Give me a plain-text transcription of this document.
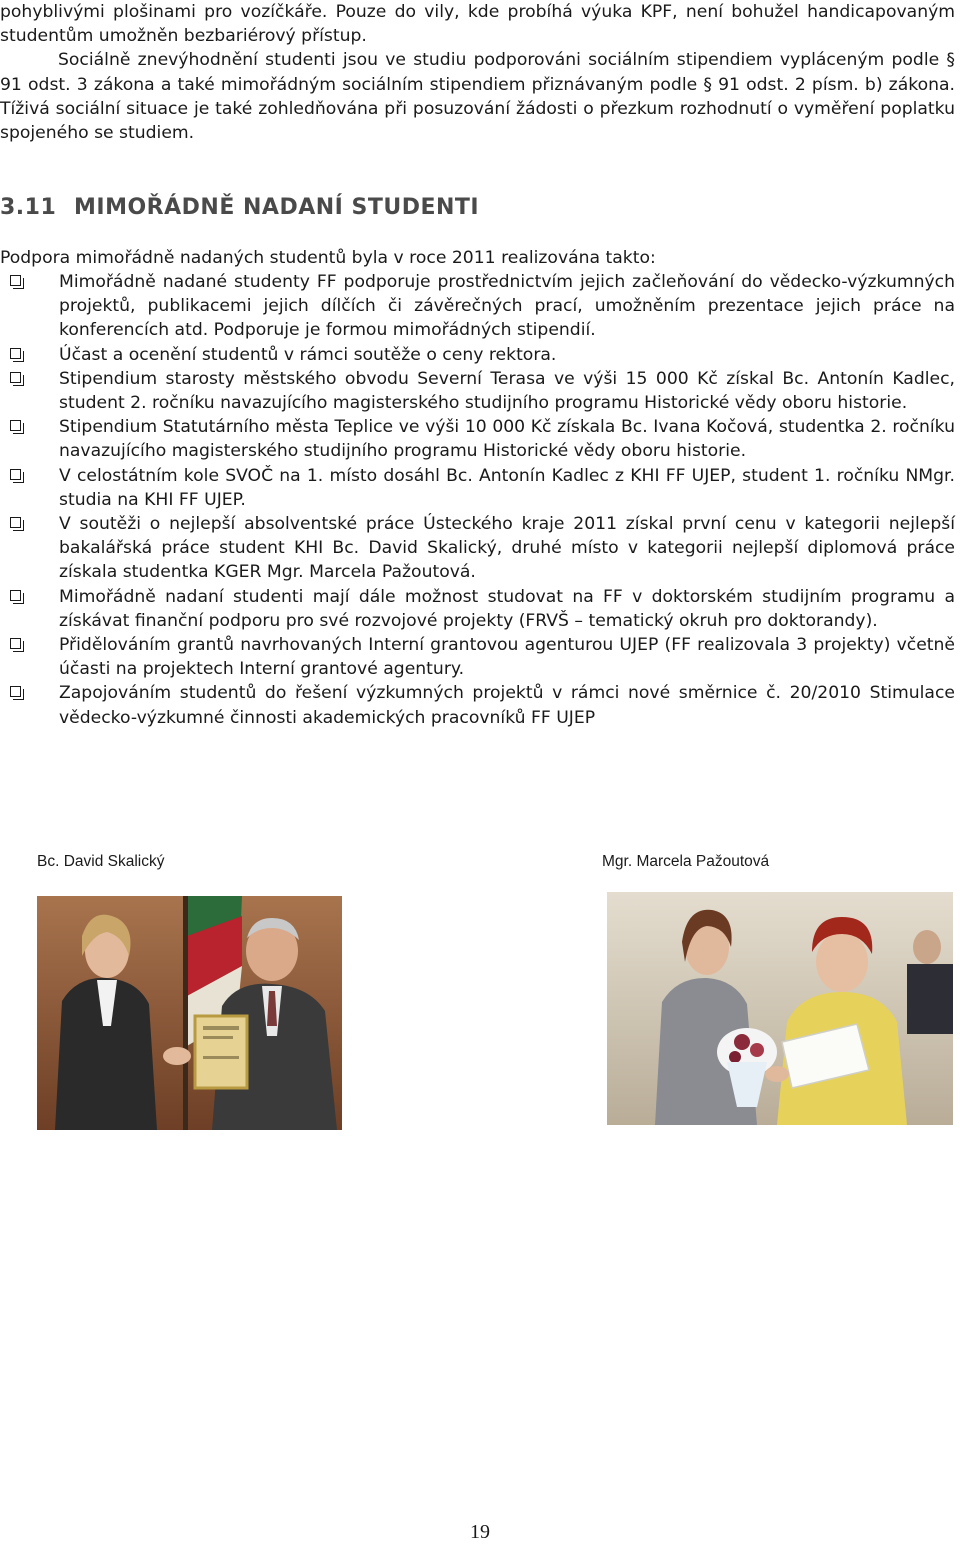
pohyblivými plošinami pro vozíčkáře. Pouze do vily, kde probíhá výuka KPF, není bohužel handicapovaným studentům umožněn bezbariérový přístup.

Sociálně znevýhodnění studenti jsou ve studiu podporováni sociálním stipendiem vypláceným podle § 91 odst. 3 zákona a také mimořádným sociálním stipendiem přiznávaným podle § 91 odst. 2 písm. b) zákona. Tíživá sociální situace je také zohledňována při posuzování žádosti o přezkum rozhodnutí o vyměření poplatku spojeného se studiem.

3.11 MIMOŘÁDNĚ NADANÍ STUDENTI
Podpora mimořádně nadaných studentů byla v roce 2011 realizována takto:
Mimořádně nadané studenty FF podporuje prostřednictvím jejich začleňování do vědecko-výzkumných projektů, publikacemi jejich dílčích či závěrečných prací, umožněním prezentace jejich práce na konferencích atd. Podporuje je formou mimořádných stipendií.
Účast a ocenění studentů v rámci soutěže o ceny rektora.
Stipendium starosty městského obvodu Severní Terasa ve výši 15 000 Kč získal Bc. Antonín Kadlec, student 2. ročníku navazujícího magisterského studijního programu Historické vědy oboru historie.
Stipendium Statutárního města Teplice ve výši 10 000 Kč získala Bc. Ivana Kočová, studentka 2. ročníku navazujícího magisterského studijního programu Historické vědy oboru historie.
V celostátním kole SVOČ na 1. místo dosáhl Bc. Antonín Kadlec z KHI FF UJEP, student 1. ročníku NMgr. studia na KHI FF UJEP.
V soutěži o nejlepší absolventské práce Ústeckého kraje 2011 získal první cenu v kategorii nejlepší bakalářská práce student KHI Bc. David Skalický, druhé místo v kategorii nejlepší diplomová práce získala studentka KGER Mgr. Marcela Pažoutová.
Mimořádně nadaní studenti mají dále možnost studovat na FF v doktorském studijním programu a získávat finanční podporu pro své rozvojové projekty (FRVŠ – tematický okruh pro doktorandy).
Přidělováním grantů navrhovaných Interní grantovou agenturou UJEP (FF realizovala 3 projekty) včetně účasti na projektech Interní grantové agentury.
Zapojováním studentů do řešení výzkumných projektů v rámci nové směrnice č. 20/2010 Stimulace vědecko-výzkumné činnosti akademických pracovníků FF UJEP
Bc. David Skalický	Mgr. Marcela Pažoutová
19
